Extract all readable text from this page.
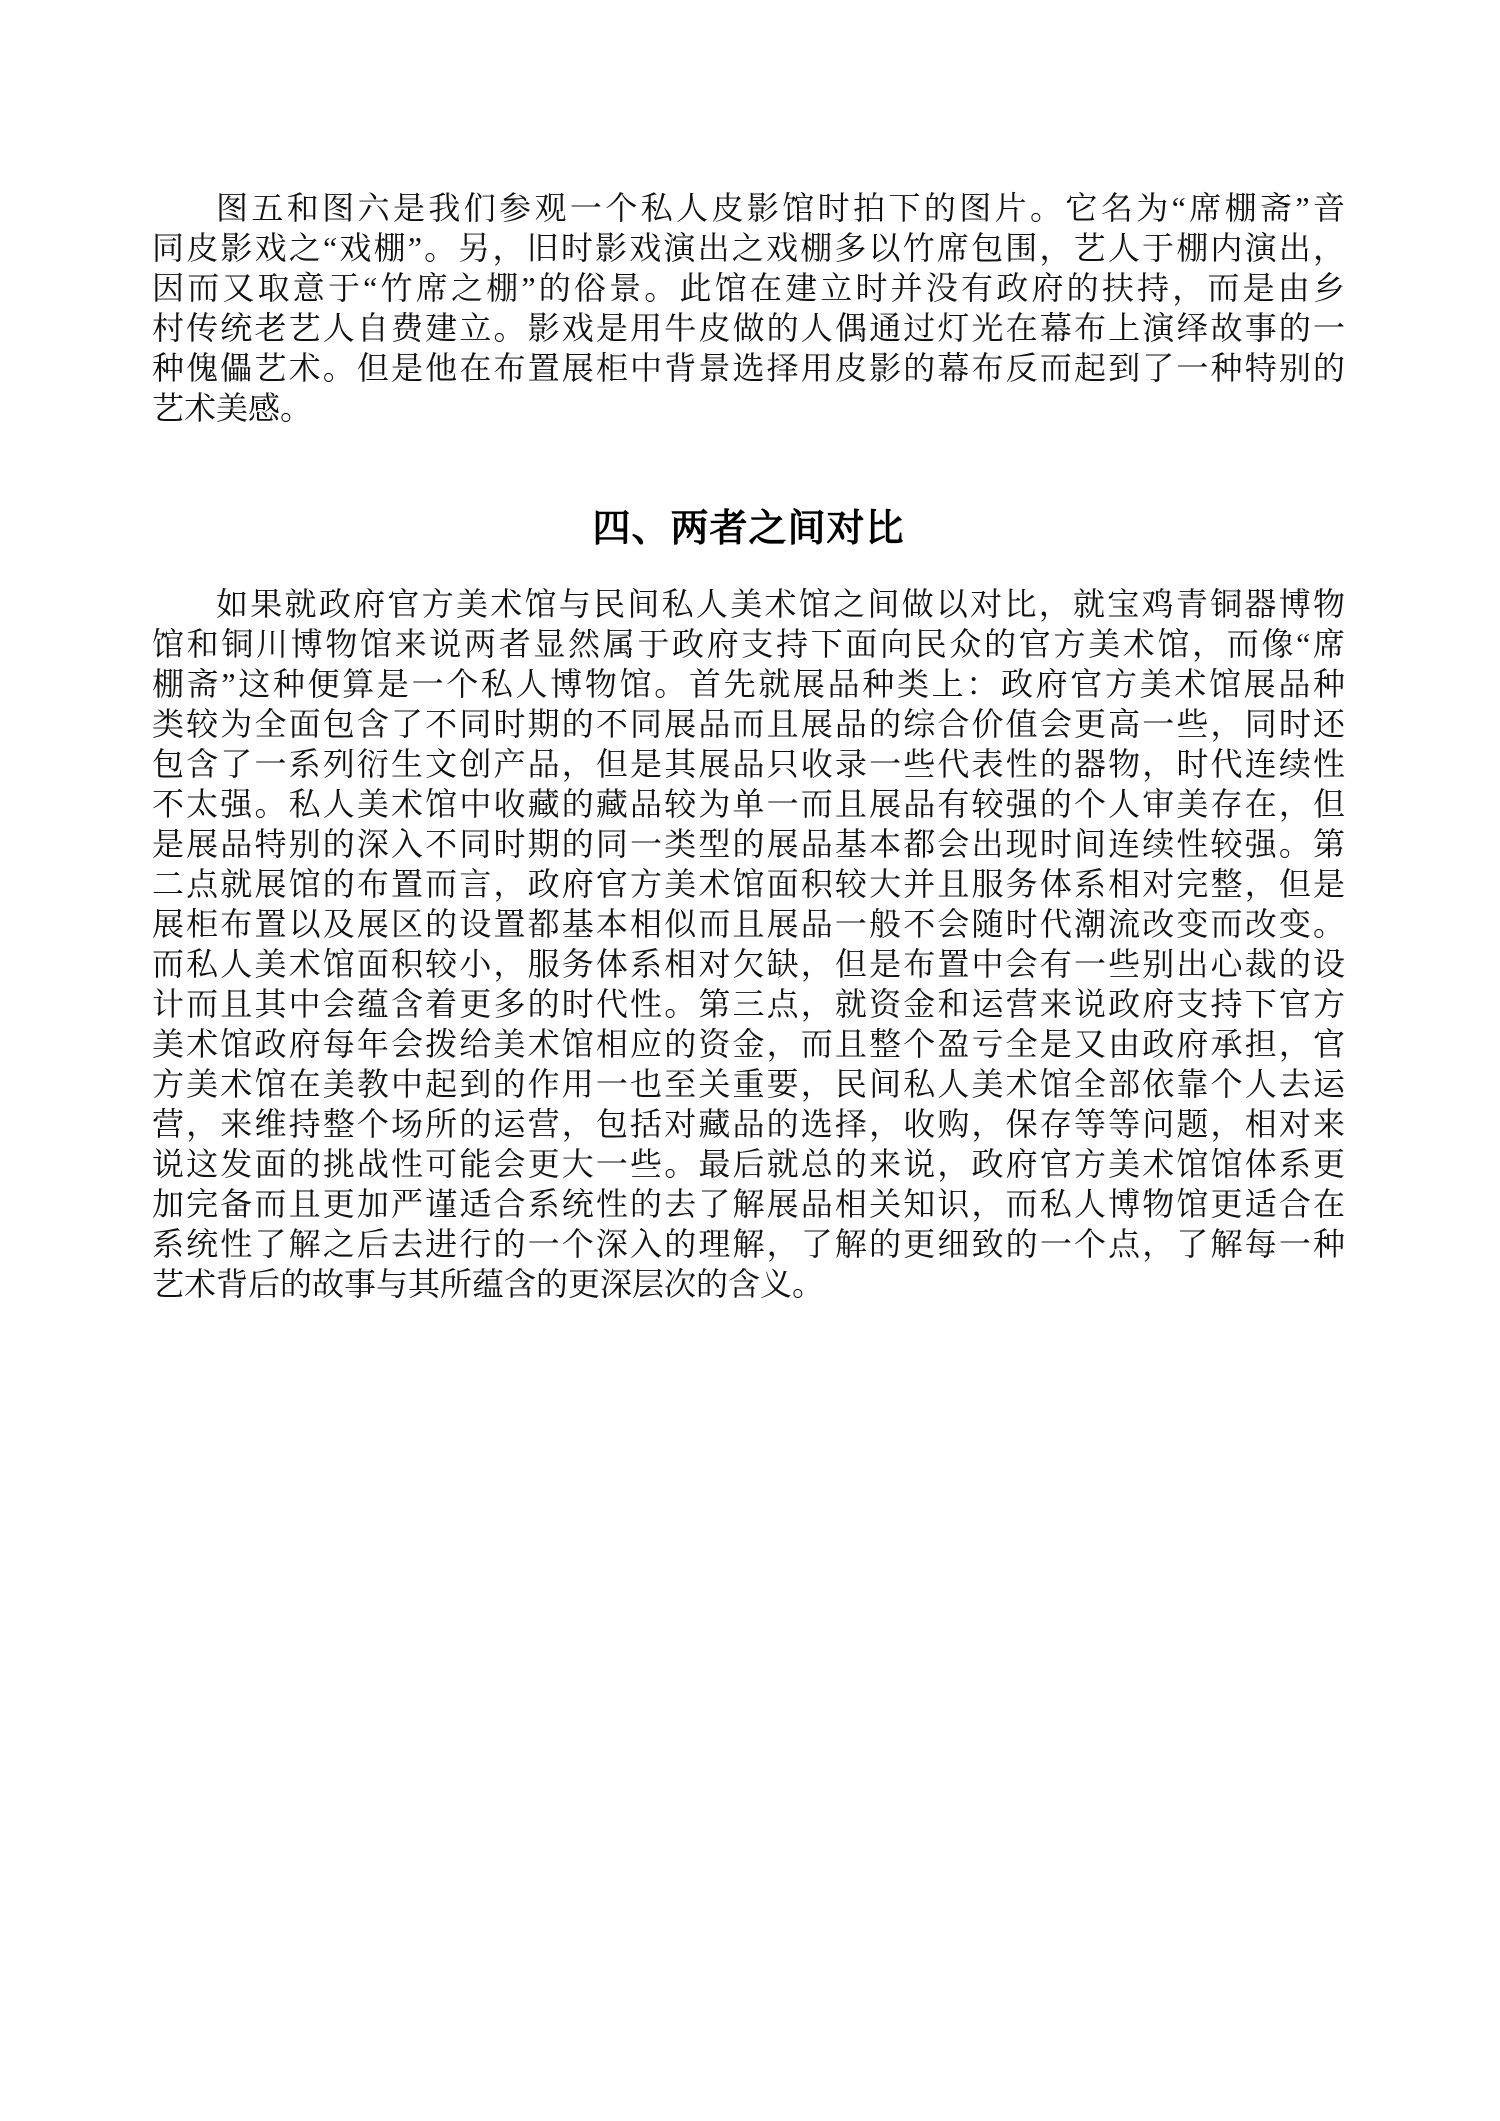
图五和图六是我们参观一个私人皮影馆时拍下的图片。它名为“席棚斋”音
同皮影戏之“戏棚”。另，旧时影戏演出之戏棚多以竹席包围，艺人于棚内演出，
因而又取意于“竹席之棚”的俗景。此馆在建立时并没有政府的扶持，而是由乡
村传统老艺人自费建立。影戏是用牛皮做的人偶通过灯光在幕布上演绎故事的一
种傀儡艺术。但是他在布置展柜中背景选择用皮影的幕布反而起到了一种特别的
艺术美感。
四、两者之间对比
如果就政府官方美术馆与民间私人美术馆之间做以对比，就宝鸡青铜器博物
馆和铜川博物馆来说两者显然属于政府支持下面向民众的官方美术馆，而像“席
棚斋”这种便算是一个私人博物馆。首先就展品种类上：政府官方美术馆展品种
类较为全面包含了不同时期的不同展品而且展品的综合价值会更高一些，同时还
包含了一系列衍生文创产品，但是其展品只收录一些代表性的器物，时代连续性
不太强。私人美术馆中收藏的藏品较为单一而且展品有较强的个人审美存在，但
是展品特别的深入不同时期的同一类型的展品基本都会出现时间连续性较强。第
二点就展馆的布置而言，政府官方美术馆面积较大并且服务体系相对完整，但是
展柜布置以及展区的设置都基本相似而且展品一般不会随时代潮流改变而改变。
而私人美术馆面积较小，服务体系相对欠缺，但是布置中会有一些别出心裁的设
计而且其中会蕴含着更多的时代性。第三点，就资金和运营来说政府支持下官方
美术馆政府每年会拨给美术馆相应的资金，而且整个盈亏全是又由政府承担，官
方美术馆在美教中起到的作用一也至关重要，民间私人美术馆全部依靠个人去运
营，来维持整个场所的运营，包括对藏品的选择，收购，保存等等问题，相对来
说这发面的挑战性可能会更大一些。最后就总的来说，政府官方美术馆馆体系更
加完备而且更加严谨适合系统性的去了解展品相关知识，而私人博物馆更适合在
系统性了解之后去进行的一个深入的理解，了解的更细致的一个点，了解每一种
艺术背后的故事与其所蕴含的更深层次的含义。
